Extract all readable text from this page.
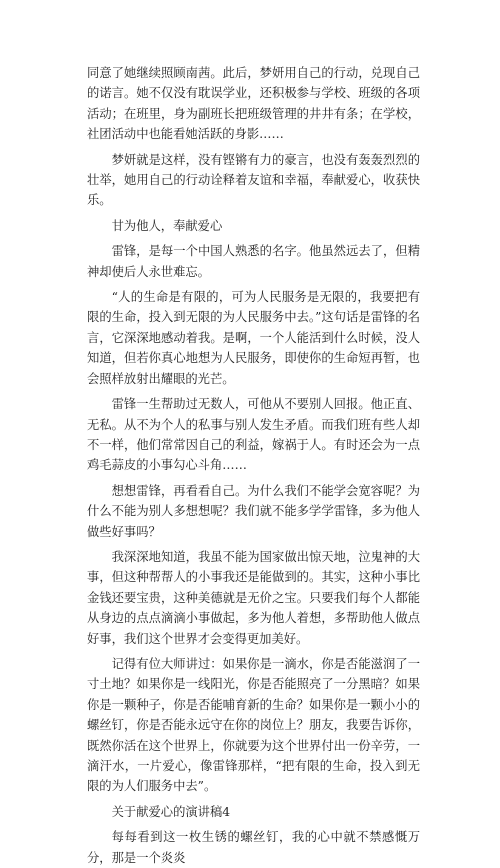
同意了她继续照顾南茜。此后，梦妍用自己的行动，兑现自己的诺言。她不仅没有耽误学业，还积极参与学校、班级的各项活动；在班里，身为副班长把班级管理的井井有条；在学校，社团活动中也能看她活跃的身影……

梦妍就是这样，没有铿锵有力的豪言，也没有轰轰烈烈的壮举，她用自己的行动诠释着友谊和幸福，奉献爱心，收获快乐。

甘为他人，奉献爱心

雷锋，是每一个中国人熟悉的名字。他虽然远去了，但精神却使后人永世难忘。

“人的生命是有限的，可为人民服务是无限的，我要把有限的生命，投入到无限的为人民服务中去。”这句话是雷锋的名言，它深深地感动着我。是啊，一个人能活到什么时候，没人知道，但若你真心地想为人民服务，即使你的生命短再暂，也会照样放射出耀眼的光芒。

雷锋一生帮助过无数人，可他从不要别人回报。他正直、无私。从不为个人的私事与别人发生矛盾。而我们班有些人却不一样，他们常常因自己的利益，嫁祸于人。有时还会为一点鸡毛蒜皮的小事勾心斗角……

想想雷锋，再看看自己。为什么我们不能学会宽容呢？为什么不能为别人多想想呢？我们就不能多学学雷锋，多为他人做些好事吗？

我深深地知道，我虽不能为国家做出惊天地，泣鬼神的大事，但这种帮帮人的小事我还是能做到的。其实，这种小事比金钱还要宝贵，这种美德就是无价之宝。只要我们每个人都能从身边的点点滴滴小事做起，多为他人着想，多帮助他人做点好事，我们这个世界才会变得更加美好。

记得有位大师讲过：如果你是一滴水，你是否能滋润了一寸土地？如果你是一线阳光，你是否能照亮了一分黑暗？如果你是一颗种子，你是否能哺育新的生命？如果你是一颗小小的螺丝钉，你是否能永远守在你的岗位上？朋友，我要告诉你，既然你活在这个世界上，你就要为这个世界付出一份辛劳，一滴汗水，一片爱心，像雷锋那样，“把有限的生命，投入到无限的为人们服务中去”。

关于献爱心的演讲稿4

每每看到这一枚生锈的螺丝钉，我的心中就不禁感慨万分，那是一个炎炎
